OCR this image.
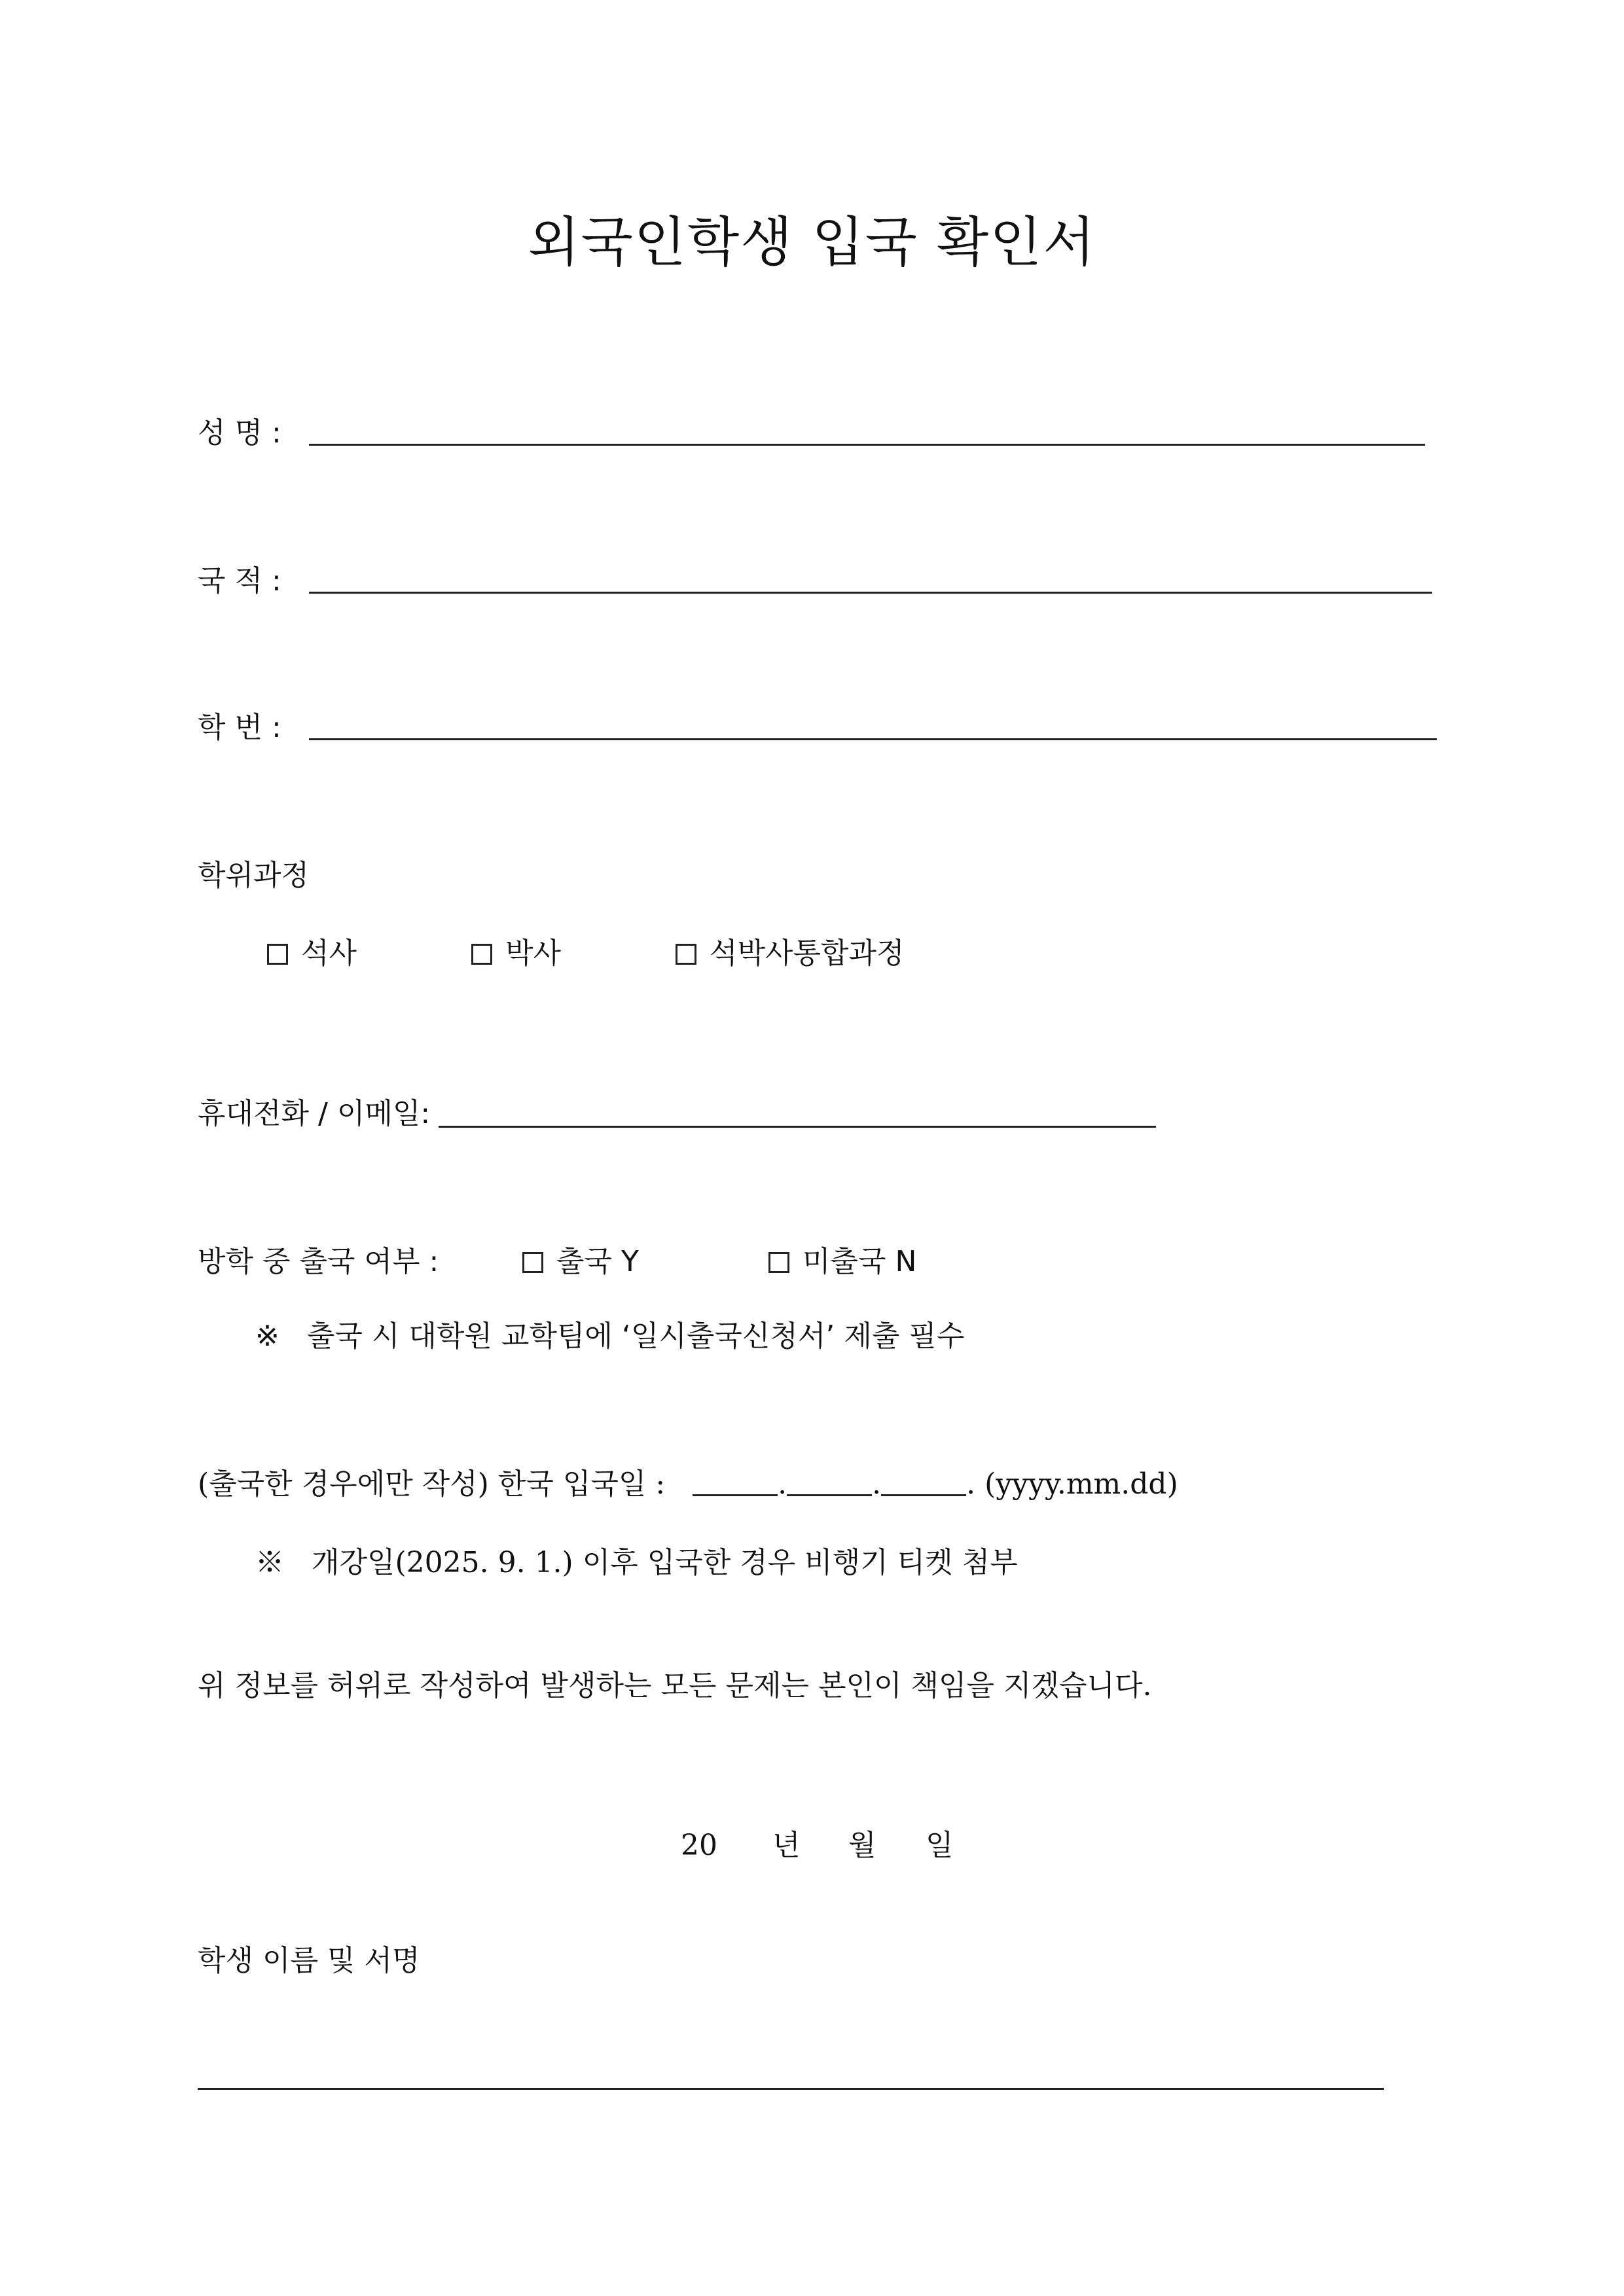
외국인학생 입국 확인서
성 명 :
국 적 :
학 번 :
학위과정
석사	박사	석박사통합과정
휴대전화 / 이메일:
방학 중 출국 여부 :	출국 Y	미출국 N
※ 출국 시 대학원 교학팀에 ‘일시출국신청서’ 제출 필수
(출국한 경우에만 작성) 한국 입국일 :	.	.	. (yyyy.mm.dd)
※ 개강일(2025. 9. 1.) 이후 입국한 경우 비행기 티켓 첨부
위 정보를 허위로 작성하여 발생하는 모든 문제는 본인이 책임을 지겠습니다.
20 년 월 일
학생 이름 및 서명
